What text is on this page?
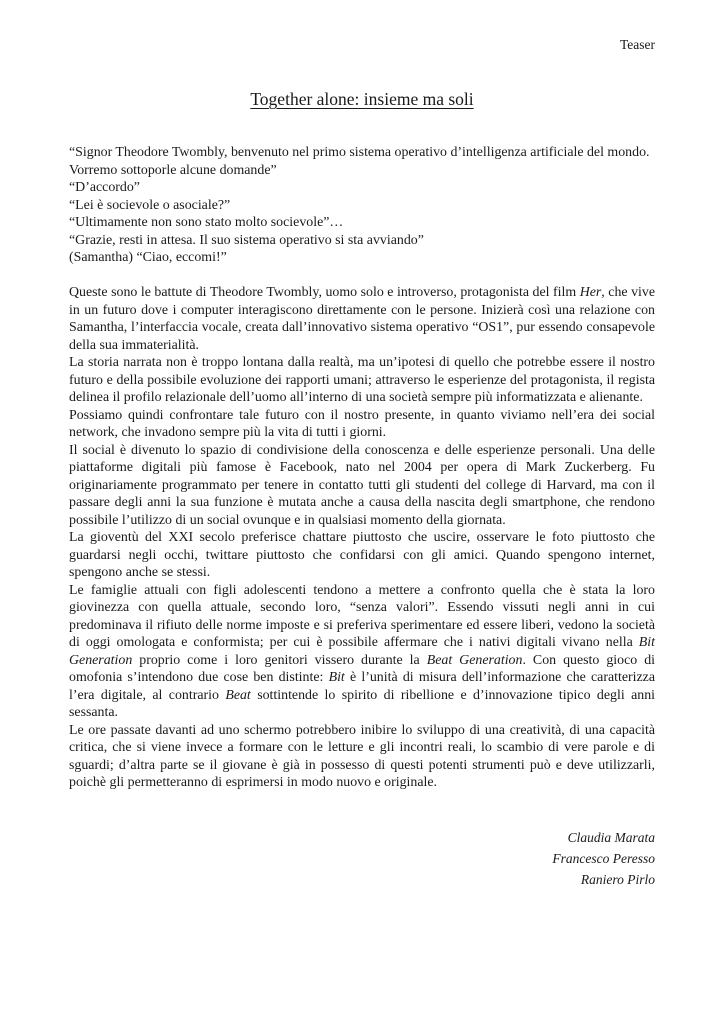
Teaser

Together alone: insieme ma soli

“Signor Theodore Twombly, benvenuto nel primo sistema operativo d’intelligenza artificiale del mondo. Vorremo sottoporle alcune domande”

“D’accordo”

“Lei è socievole o asociale?”

“Ultimamente non sono stato molto socievole”…

“Grazie, resti in attesa. Il suo sistema operativo si sta avviando”

(Samantha) “Ciao, eccomi!”

Queste sono le battute di Theodore Twombly, uomo solo e introverso, protagonista del film Her, che vive in un futuro dove i computer interagiscono direttamente con le persone. Inizierà così una relazione con Samantha, l’interfaccia vocale, creata dall’innovativo sistema operativo “OS1”, pur essendo consapevole della sua immaterialità.

La storia narrata non è troppo lontana dalla realtà, ma un’ipotesi di quello che potrebbe essere il nostro futuro e della possibile evoluzione dei rapporti umani; attraverso le esperienze del protagonista, il regista delinea il profilo relazionale dell’uomo all’interno di una società sempre più informatizzata e alienante.

Possiamo quindi confrontare tale futuro con il nostro presente, in quanto viviamo nell’era dei social network, che invadono sempre più la vita di tutti i giorni.

Il social è divenuto lo spazio di condivisione della conoscenza e delle esperienze personali. Una delle piattaforme digitali più famose è Facebook, nato nel 2004 per opera di Mark Zuckerberg. Fu originariamente programmato per tenere in contatto tutti gli studenti del college di Harvard, ma con il passare degli anni la sua funzione è mutata anche a causa della nascita degli smartphone, che rendono possibile l’utilizzo di un social ovunque e in qualsiasi momento della giornata.

La gioventù del XXI secolo preferisce chattare piuttosto che uscire, osservare le foto piuttosto che guardarsi negli occhi, twittare piuttosto che confidarsi con gli amici. Quando spengono internet, spengono anche se stessi.

Le famiglie attuali con figli adolescenti tendono a mettere a confronto quella che è stata la loro giovinezza con quella attuale, secondo loro, “senza valori”. Essendo vissuti negli anni in cui predominava il rifiuto delle norme imposte e si preferiva sperimentare ed essere liberi, vedono la società di oggi omologata e conformista; per cui è possibile affermare che i nativi digitali vivano nella Bit Generation proprio come i loro genitori vissero durante la Beat Generation. Con questo gioco di omofonia s’intendono due cose ben distinte: Bit è l’unità di misura dell’informazione che caratterizza l’era digitale, al contrario Beat sottintende lo spirito di ribellione e d’innovazione tipico degli anni sessanta.

Le ore passate davanti ad uno schermo potrebbero inibire lo sviluppo di una creatività, di una capacità critica, che si viene invece a formare con le letture e gli incontri reali, lo scambio di vere parole e di sguardi; d’altra parte se il giovane è già in possesso di questi potenti strumenti può e deve utilizzarli, poichè gli permetteranno di esprimersi in modo nuovo e originale.

Claudia Marata
Francesco Peresso
Raniero Pirlo
